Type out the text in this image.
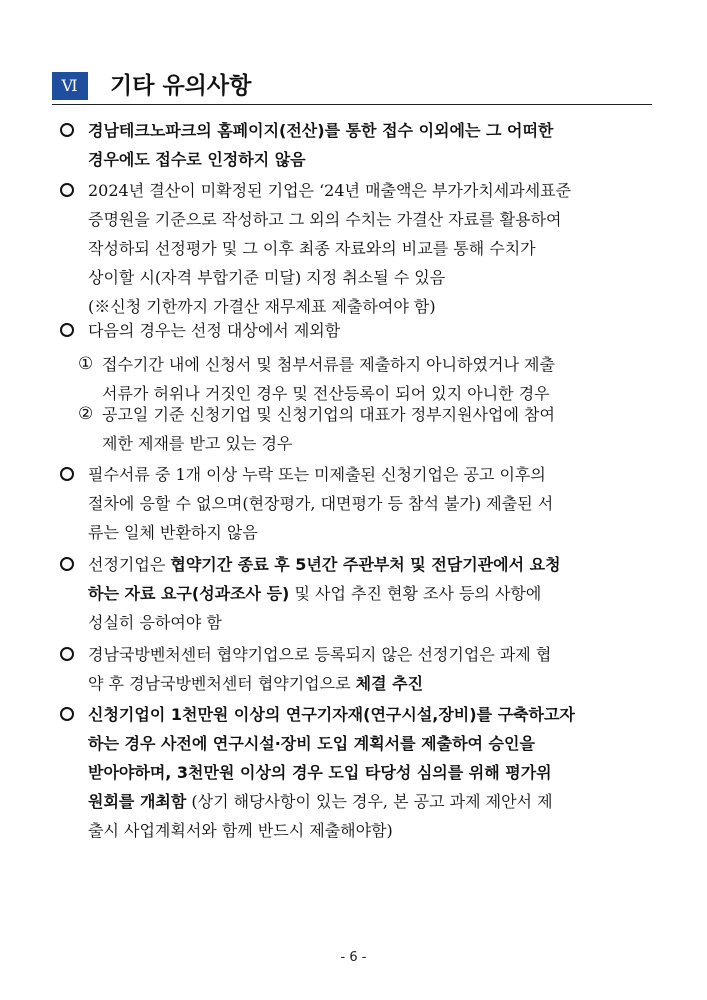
Ⅵ	기타 유의사항
경남테크노파크의 홈페이지(전산)를 통한 접수 이외에는 그 어떠한
경우에도 접수로 인정하지 않음
2024년 결산이 미확정된 기업은 ‘24년 매출액은 부가가치세과세표준
증명원을 기준으로 작성하고 그 외의 수치는 가결산 자료를 활용하여
작성하되 선정평가 및 그 이후 최종 자료와의 비교를 통해 수치가
상이할 시(자격 부합기준 미달) 지정 취소될 수 있음
(※신청 기한까지 가결산 재무제표 제출하여야 함)
다음의 경우는 선정 대상에서 제외함
① 접수기간 내에 신청서 및 첨부서류를 제출하지 아니하였거나 제출
서류가 허위나 거짓인 경우 및 전산등록이 되어 있지 아니한 경우
② 공고일 기준 신청기업 및 신청기업의 대표가 정부지원사업에 참여
제한 제재를 받고 있는 경우
필수서류 중 1개 이상 누락 또는 미제출된 신청기업은 공고 이후의
절차에 응할 수 없으며(현장평가, 대면평가 등 참석 불가) 제출된 서
류는 일체 반환하지 않음
선정기업은 협약기간 종료 후 5년간 주관부처 및 전담기관에서 요청
하는 자료 요구(성과조사 등) 및 사업 추진 현황 조사 등의 사항에
성실히 응하여야 함
경남국방벤처센터 협약기업으로 등록되지 않은 선정기업은 과제 협
약 후 경남국방벤처센터 협약기업으로 체결 추진
신청기업이 1천만원 이상의 연구기자재(연구시설,장비)를 구축하고자
하는 경우 사전에 연구시설·장비 도입 계획서를 제출하여 승인을
받아야하며, 3천만원 이상의 경우 도입 타당성 심의를 위해 평가위
원회를 개최함 (상기 해당사항이 있는 경우, 본 공고 과제 제안서 제
출시 사업계획서와 함께 반드시 제출해야함)
- 6 -
